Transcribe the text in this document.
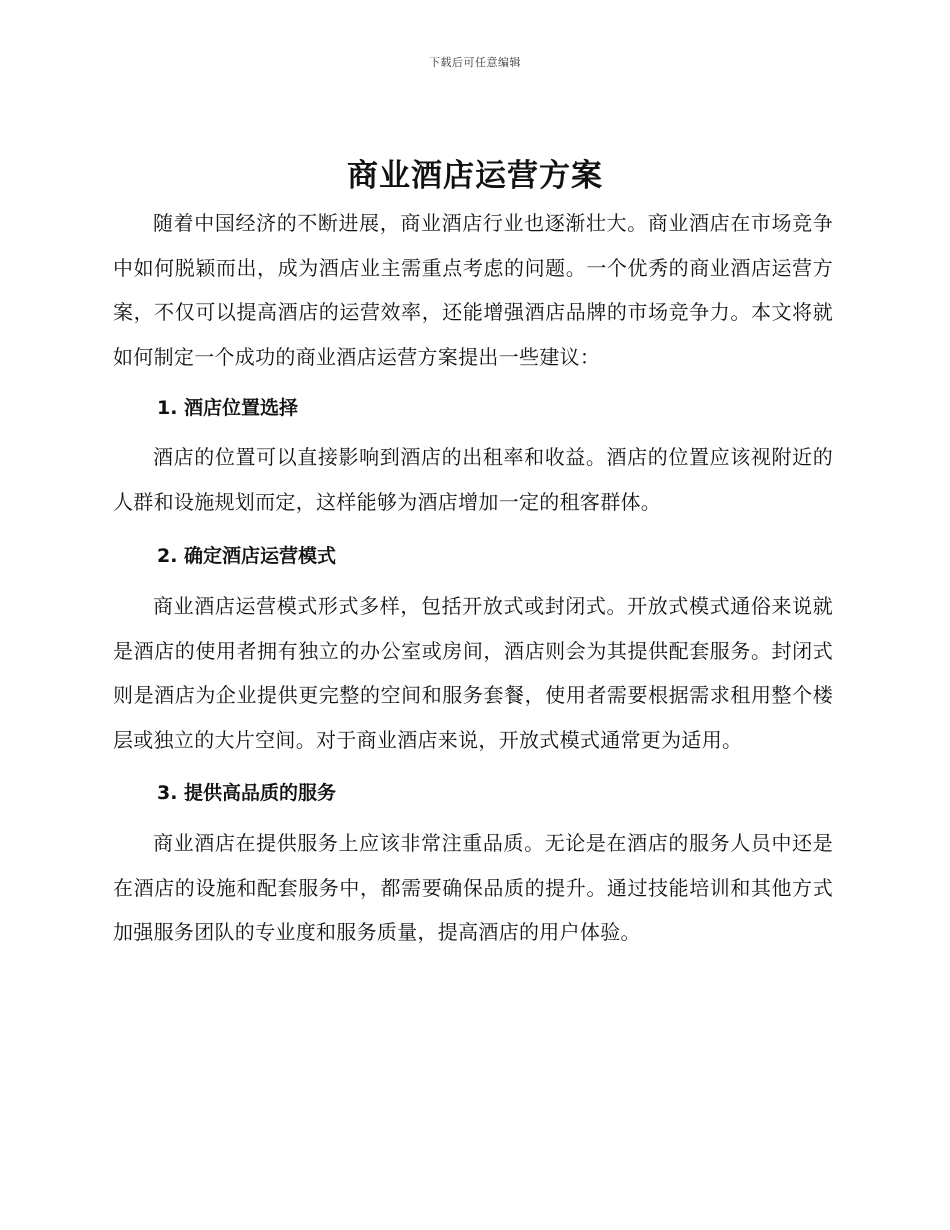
下载后可任意编辑
商业酒店运营方案

随着中国经济的不断进展，商业酒店行业也逐渐壮大。商业酒店在市场竞争中如何脱颖而出，成为酒店业主需重点考虑的问题。一个优秀的商业酒店运营方案，不仅可以提高酒店的运营效率，还能增强酒店品牌的市场竞争力。本文将就如何制定一个成功的商业酒店运营方案提出一些建议：

1. 酒店位置选择

酒店的位置可以直接影响到酒店的出租率和收益。酒店的位置应该视附近的人群和设施规划而定，这样能够为酒店增加一定的租客群体。

2. 确定酒店运营模式

商业酒店运营模式形式多样，包括开放式或封闭式。开放式模式通俗来说就是酒店的使用者拥有独立的办公室或房间，酒店则会为其提供配套服务。封闭式则是酒店为企业提供更完整的空间和服务套餐，使用者需要根据需求租用整个楼层或独立的大片空间。对于商业酒店来说，开放式模式通常更为适用。

3. 提供高品质的服务

商业酒店在提供服务上应该非常注重品质。无论是在酒店的服务人员中还是在酒店的设施和配套服务中，都需要确保品质的提升。通过技能培训和其他方式加强服务团队的专业度和服务质量，提高酒店的用户体验。
